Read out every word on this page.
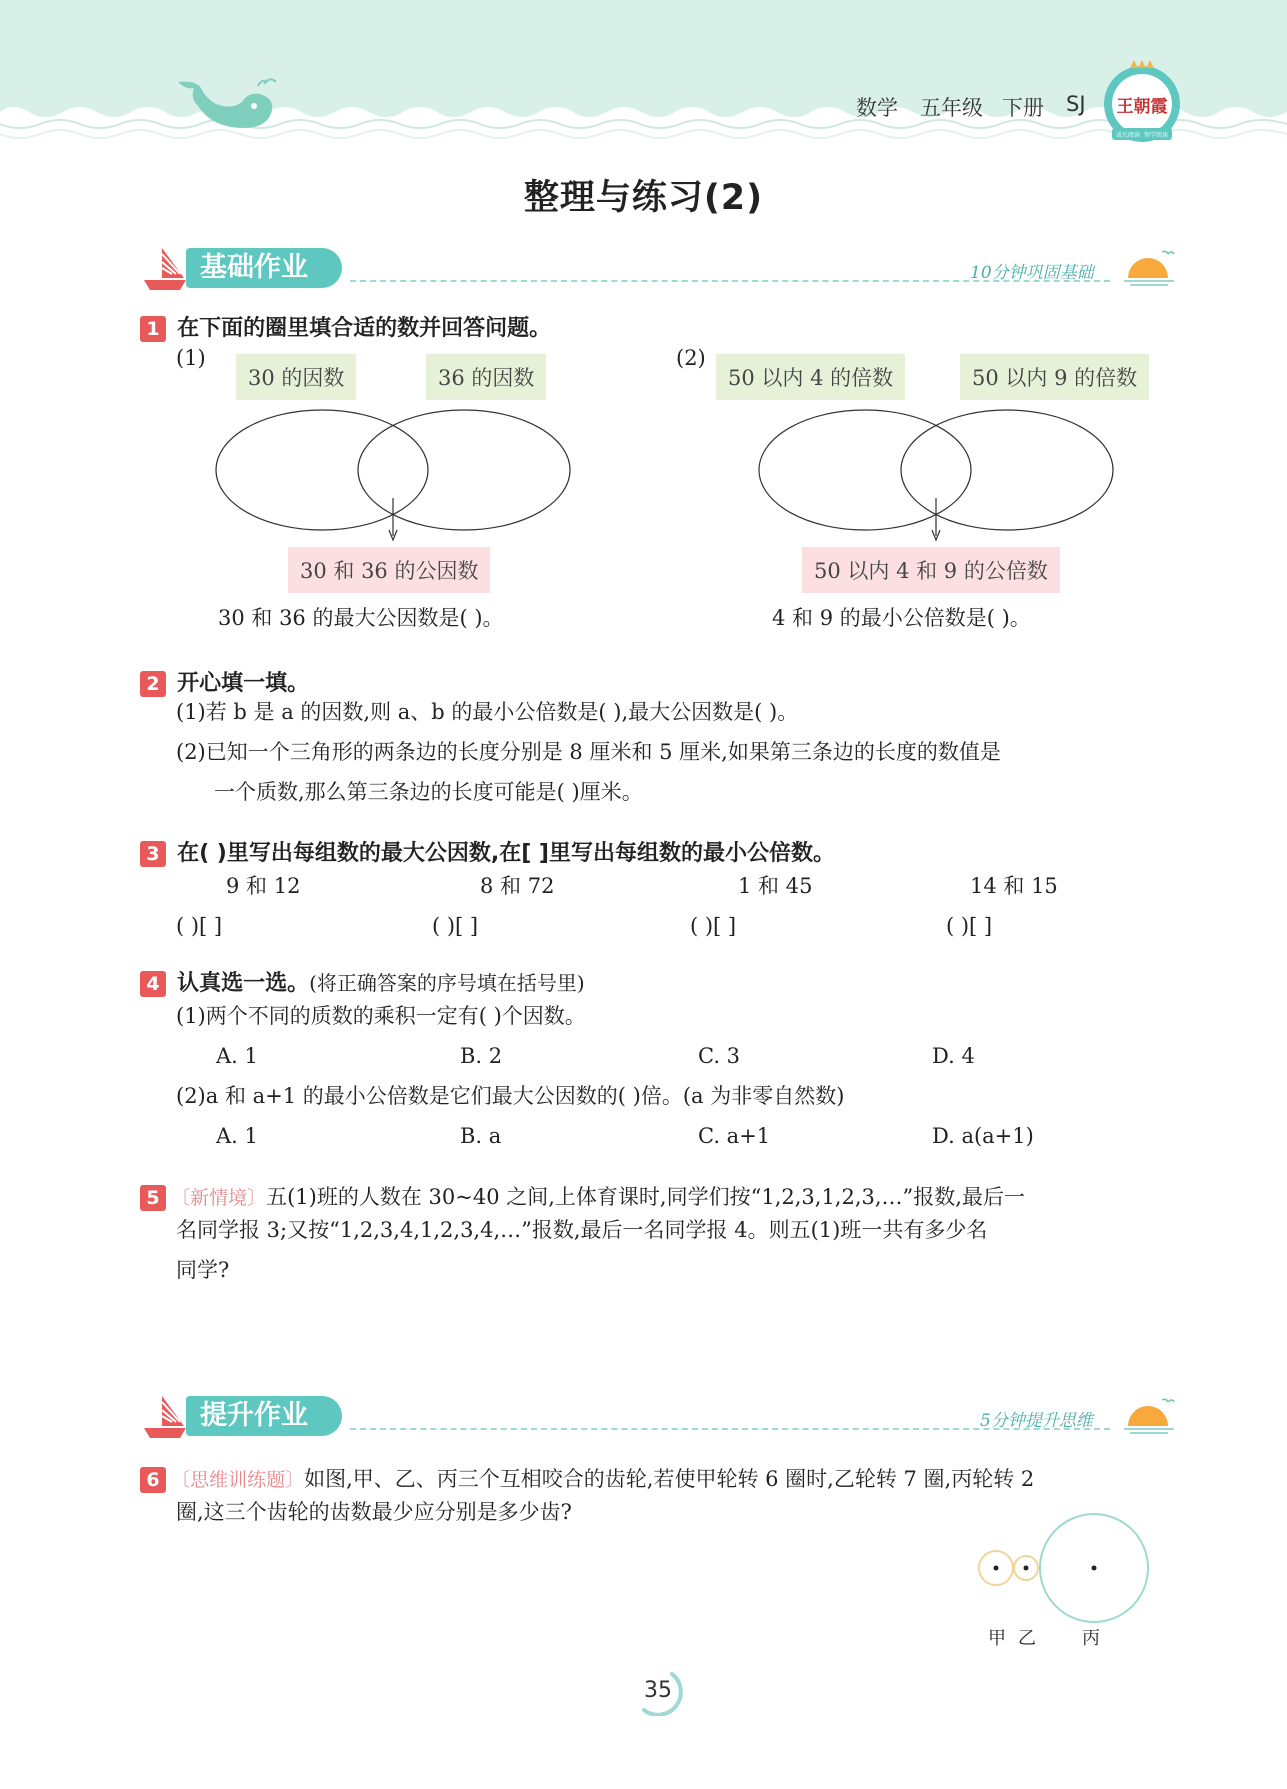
数学 五年级 下册 SJ 王朝霞
成长阅读 智学阅读
整理与练习(2)
基础作业	10分钟巩固基础
1 在下面的圈里填合适的数并回答问题。
(1)
30 的因数	36 的因数
30 和 36 的公因数
30 和 36 的最大公因数是( )。
(2)
50 以内 4 的倍数	50 以内 9 的倍数
50 以内 4 和 9 的公倍数
4 和 9 的最小公倍数是( )。
2 开心填一填。
(1)若 b 是 a 的因数,则 a、b 的最小公倍数是( ),最大公因数是( )。
(2)已知一个三角形的两条边的长度分别是 8 厘米和 5 厘米,如果第三条边的长度的数值是
一个质数,那么第三条边的长度可能是( )厘米。
3 在( )里写出每组数的最大公因数,在[ ]里写出每组数的最小公倍数。
9 和 12	8 和 72	1 和 45	14 和 15
( )[ ]	( )[ ]	( )[ ]	( )[ ]
4 认真选一选。(将正确答案的序号填在括号里)
(1)两个不同的质数的乘积一定有( )个因数。
A. 1	B. 2	C. 3	D. 4
(2)a 和 a+1 的最小公倍数是它们最大公因数的( )倍。(a 为非零自然数)
A. 1	B. a	C. a+1	D. a(a+1)
5 〔新情境〕五(1)班的人数在 30~40 之间,上体育课时,同学们按“1,2,3,1,2,3,…”报数,最后一
名同学报 3;又按“1,2,3,4,1,2,3,4,…”报数,最后一名同学报 4。则五(1)班一共有多少名
同学?
提升作业	5分钟提升思维
6 〔思维训练题〕如图,甲、乙、丙三个互相咬合的齿轮,若使甲轮转 6 圈时,乙轮转 7 圈,丙轮转 2
圈,这三个齿轮的齿数最少应分别是多少齿?
甲 乙	丙
35
